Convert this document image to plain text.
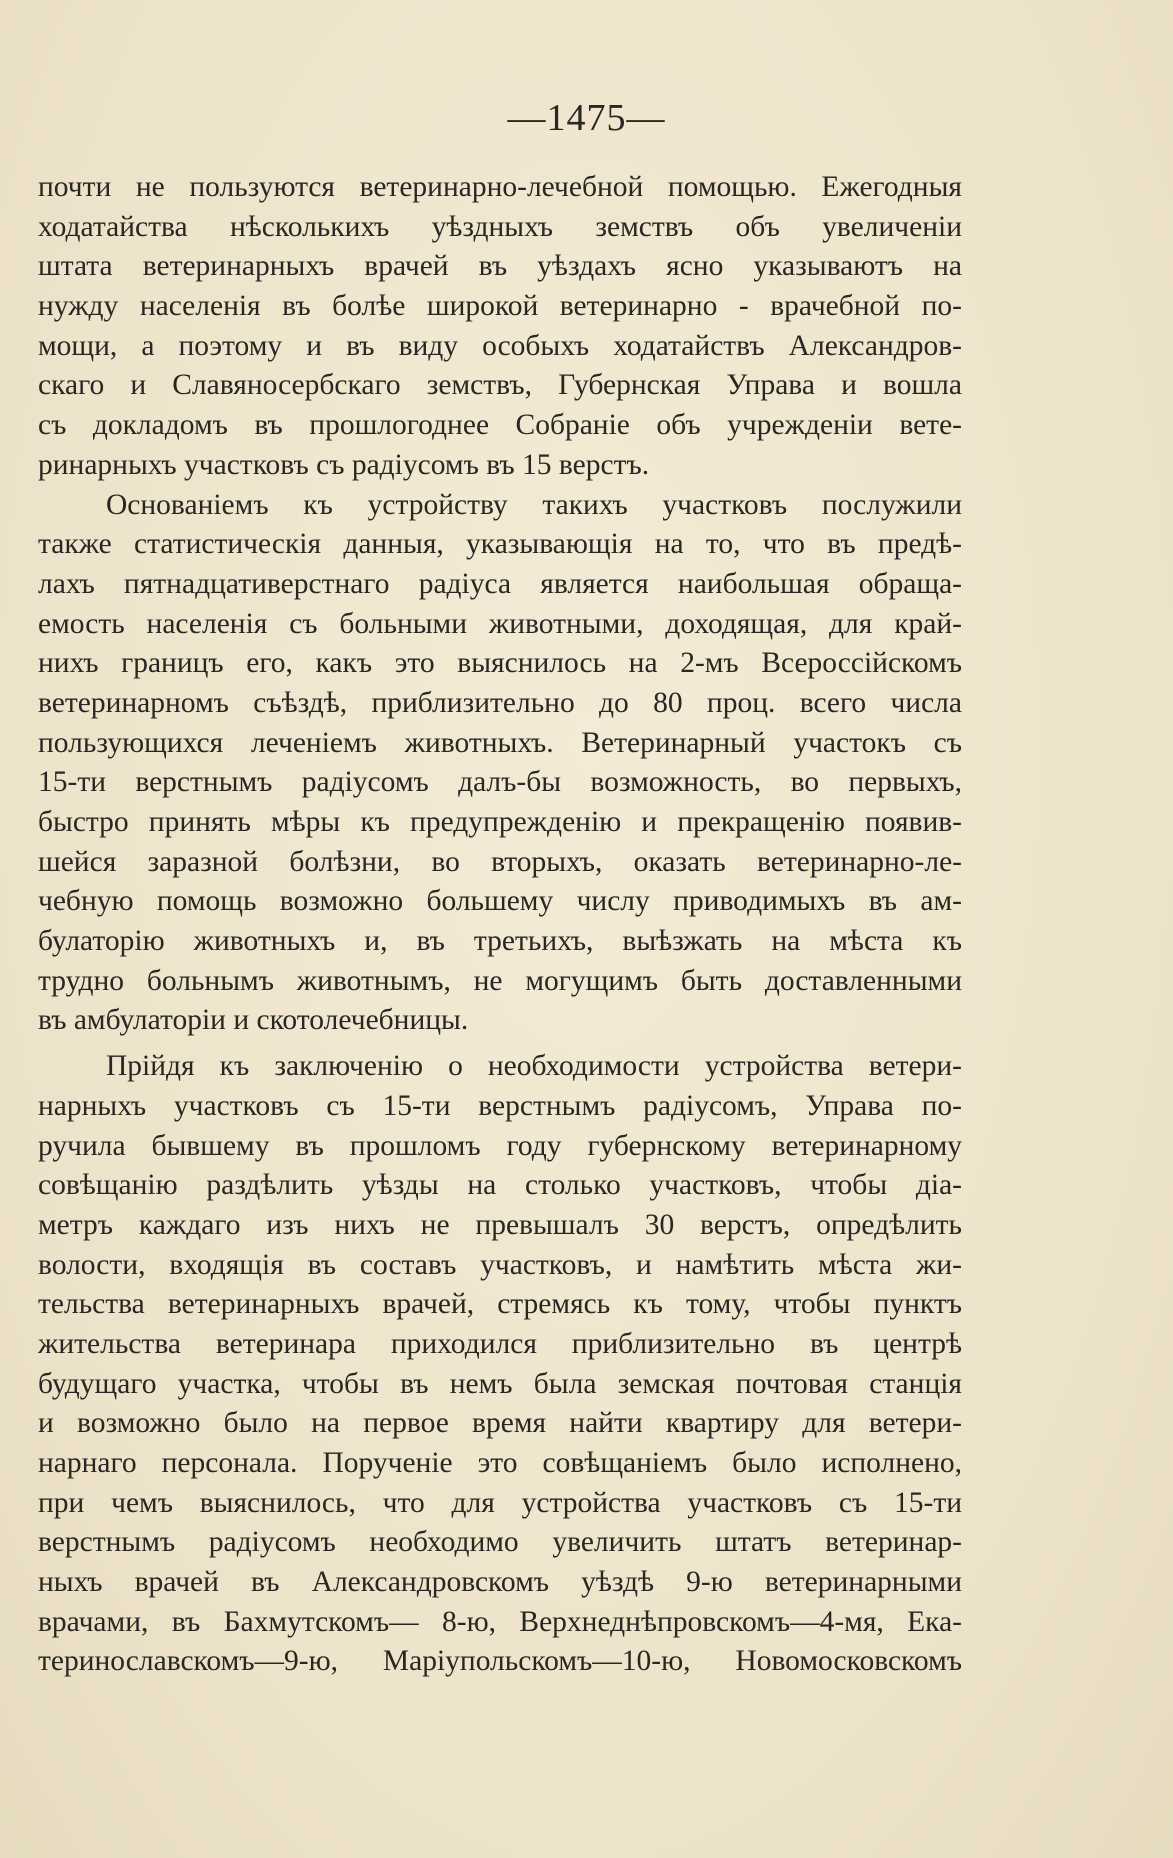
—1475—
почти не пользуются ветеринарно-лечебной помощью. Ежегодныя
ходатайства нѣсколькихъ уѣздныхъ земствъ объ увеличеніи
штата ветеринарныхъ врачей въ уѣздахъ ясно указываютъ на
нужду населенія въ болѣе широкой ветеринарно - врачебной по-
мощи, а поэтому и въ виду особыхъ ходатайствъ Александров-
скаго и Славяносербскаго земствъ, Губернская Управа и вошла
съ докладомъ въ прошлогоднее Собраніе объ учрежденіи вете-
ринарныхъ участковъ съ радіусомъ въ 15 верстъ.
Основаніемъ къ устройству такихъ участковъ послужили
также статистическія данныя, указывающія на то, что въ предѣ-
лахъ пятнадцативерстнаго радіуса является наибольшая обраща-
емость населенія съ больными животными, доходящая, для край-
нихъ границъ его, какъ это выяснилось на 2-мъ Всероссійскомъ
ветеринарномъ съѣздѣ, приблизительно до 80 проц. всего числа
пользующихся леченіемъ животныхъ. Ветеринарный участокъ съ
15-ти верстнымъ радіусомъ далъ-бы возможность, во первыхъ,
быстро принять мѣры къ предупрежденію и прекращенію появив-
шейся заразной болѣзни, во вторыхъ, оказать ветеринарно-ле-
чебную помощь возможно большему числу приводимыхъ въ ам-
булаторію животныхъ и, въ третьихъ, выѣзжать на мѣста къ
трудно больнымъ животнымъ, не могущимъ быть доставленными
въ амбулаторіи и скотолечебницы.
Прійдя къ заключенію о необходимости устройства ветери-
нарныхъ участковъ съ 15-ти верстнымъ радіусомъ, Управа по-
ручила бывшему въ прошломъ году губернскому ветеринарному
совѣщанію раздѣлить уѣзды на столько участковъ, чтобы діа-
метръ каждаго изъ нихъ не превышалъ 30 верстъ, опредѣлить
волости, входящія въ составъ участковъ, и намѣтить мѣста жи-
тельства ветеринарныхъ врачей, стремясь къ тому, чтобы пунктъ
жительства ветеринара приходился приблизительно въ центрѣ
будущаго участка, чтобы въ немъ была земская почтовая станція
и возможно было на первое время найти квартиру для ветери-
нарнаго персонала. Порученіе это совѣщаніемъ было исполнено,
при чемъ выяснилось, что для устройства участковъ съ 15-ти
верстнымъ радіусомъ необходимо увеличить штатъ ветеринар-
ныхъ врачей въ Александровскомъ уѣздѣ 9-ю ветеринарными
врачами, въ Бахмутскомъ— 8-ю, Верхнеднѣпровскомъ—4-мя, Ека-
теринославскомъ—9-ю, Маріупольскомъ—10-ю, Новомосковскомъ
